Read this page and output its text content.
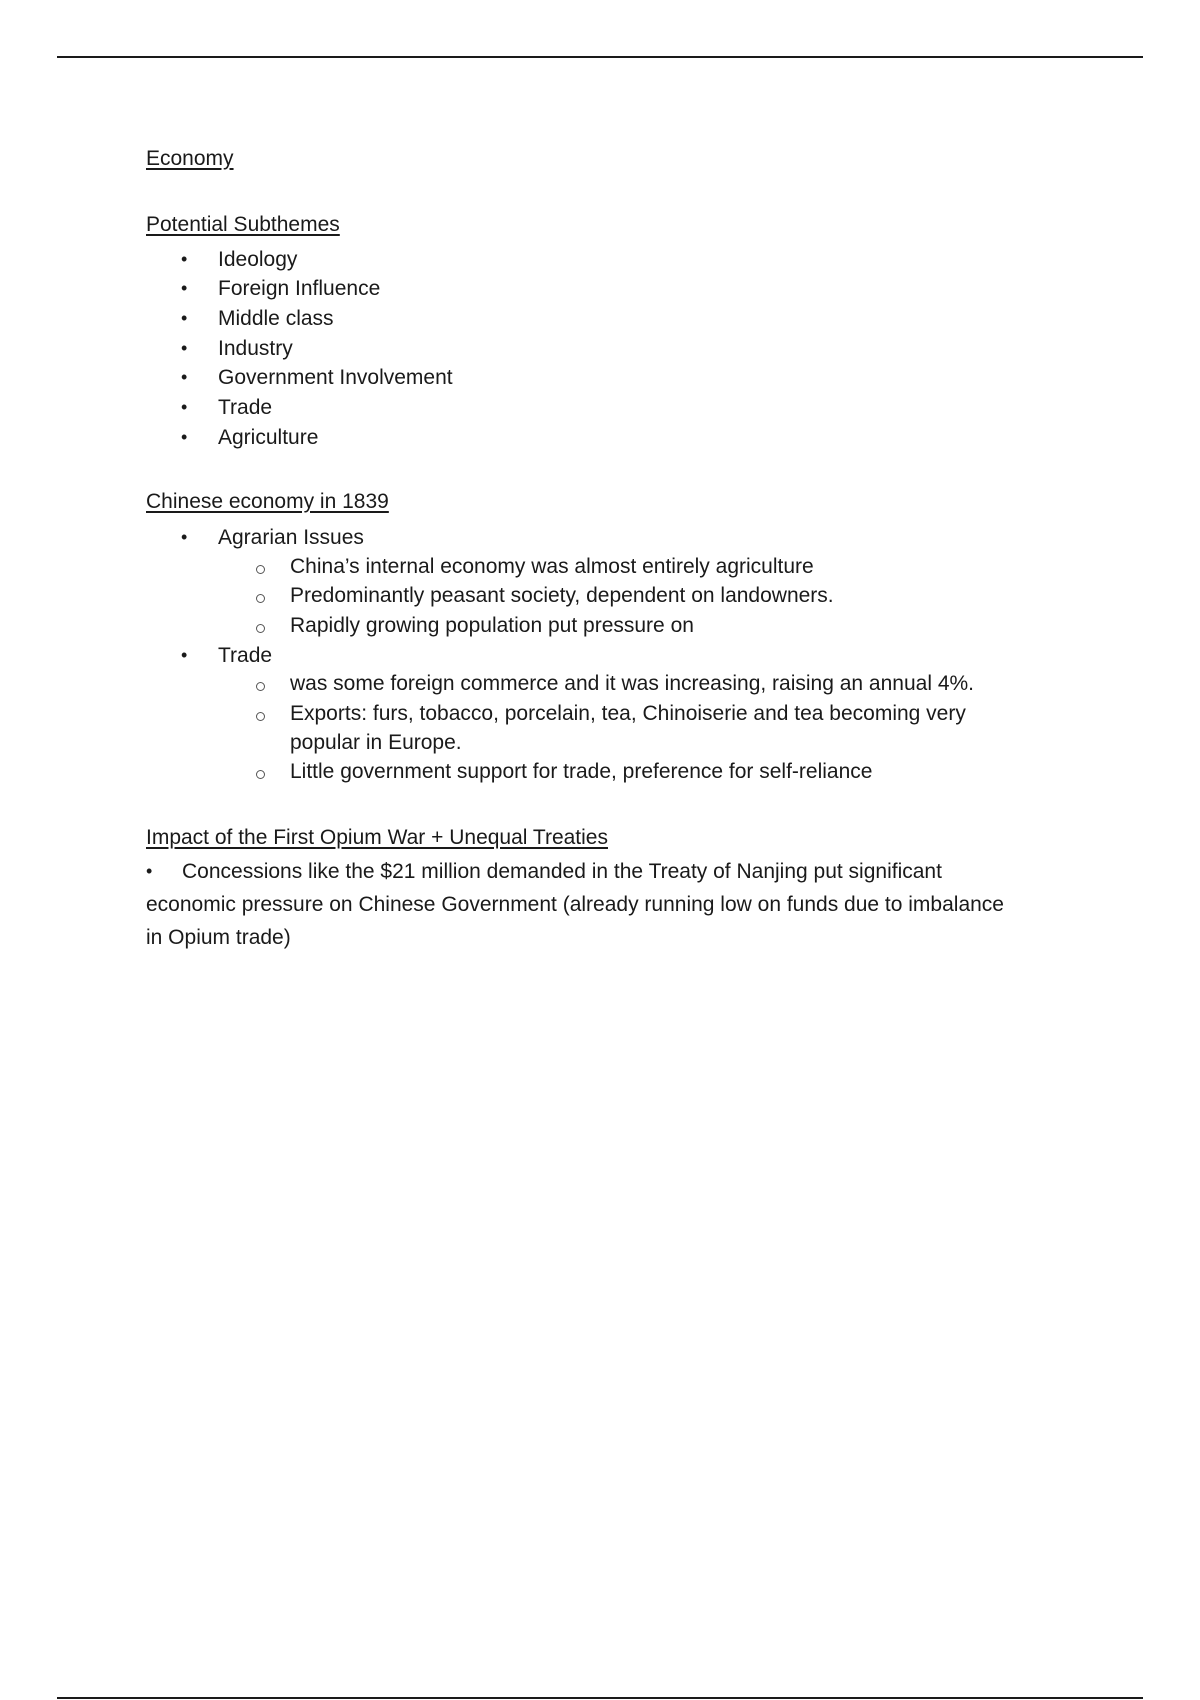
Economy
Potential Subthemes
• Ideology
• Foreign Influence
• Middle class
• Industry
• Government Involvement
• Trade
• Agriculture
Chinese economy in 1839
• Agrarian Issues
China’s internal economy was almost entirely agriculture
Predominantly peasant society, dependent on landowners.
Rapidly growing population put pressure on
• Trade
was some foreign commerce and it was increasing, raising an annual 4%.
Exports: furs, tobacco, porcelain, tea, Chinoiserie and tea becoming very
popular in Europe.
Little government support for trade, preference for self-reliance
Impact of the First Opium War + Unequal Treaties
• Concessions like the $21 million demanded in the Treaty of Nanjing put significant
economic pressure on Chinese Government (already running low on funds due to imbalance
in Opium trade)
